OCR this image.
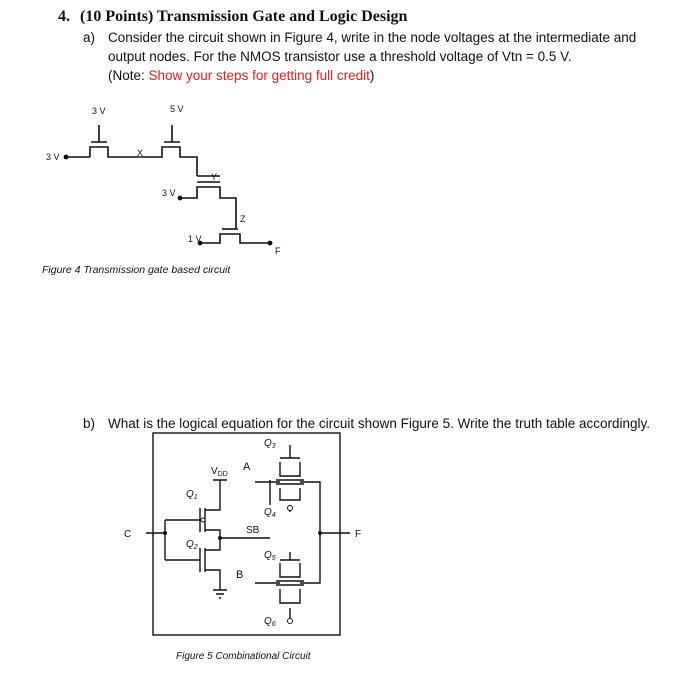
4. (10 Points) Transmission Gate and Logic Design
a) Consider the circuit shown in Figure 4, write in the node voltages at the intermediate and
output nodes. For the NMOS transistor use a threshold voltage of Vtn = 0.5 V.
(Note: Show your steps for getting full credit)
3 V	5 V
3 V
3 V
1 V
X
Y
Z
F
Figure 4 Transmission gate based circuit
b) What is the logical equation for the circuit shown Figure 5. Write the truth table accordingly.
$Q_3$
$Q_1$
$Q_2$
$Q_4$
$Q_5$
$Q_6$
$V_{DD}$
A
B
SB
C	F
Figure 5 Combinational Circuit
